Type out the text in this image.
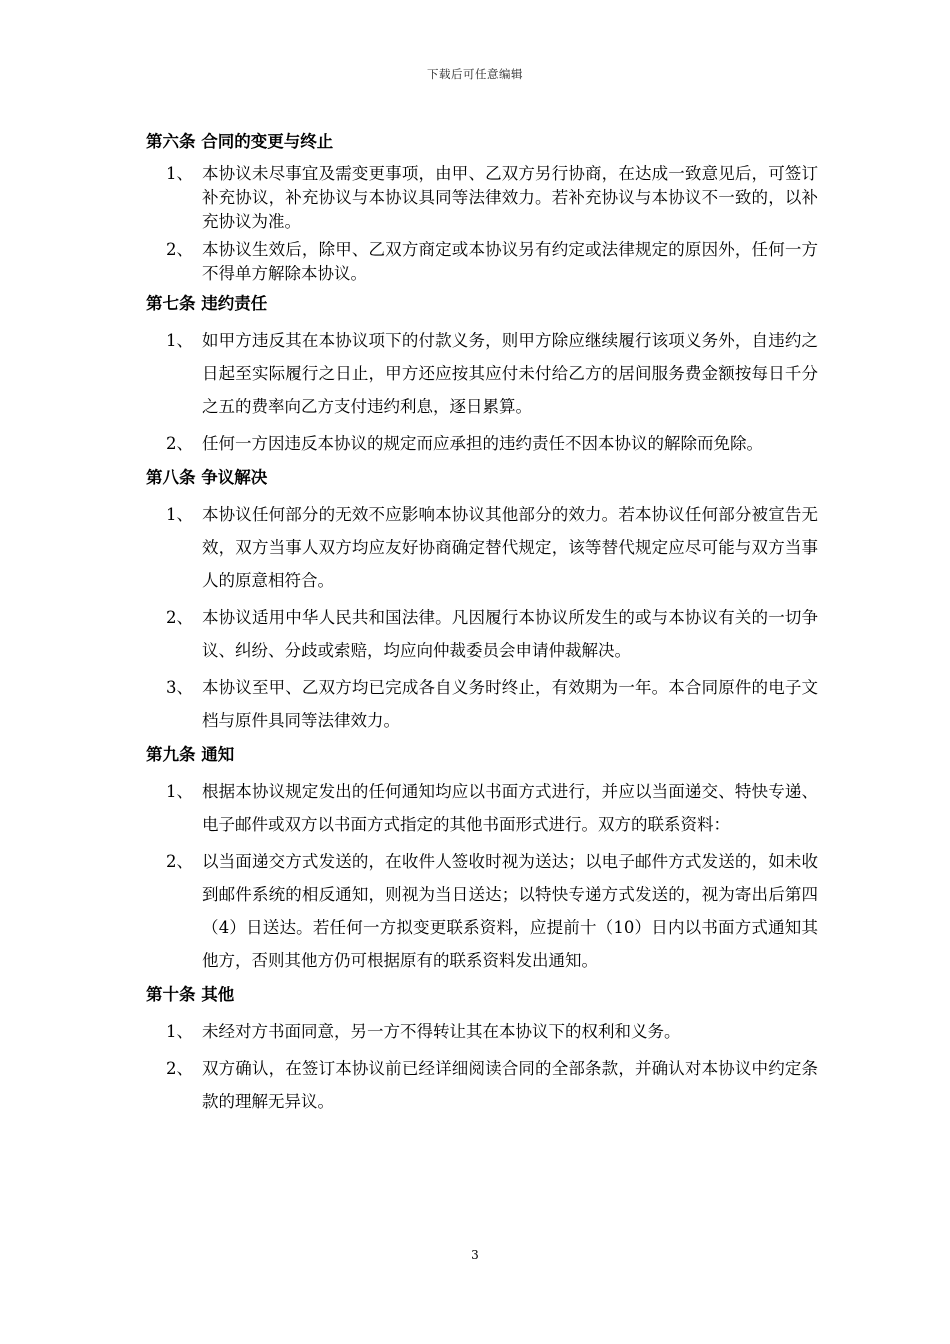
下载后可任意编辑
第六条 合同的变更与终止
1、 本协议未尽事宜及需变更事项，由甲、乙双方另行协商，在达成一致意见后，可签订补充协议，补充协议与本协议具同等法律效力。若补充协议与本协议不一致的，以补充协议为准。
2、 本协议生效后，除甲、乙双方商定或本协议另有约定或法律规定的原因外，任何一方不得单方解除本协议。
第七条 违约责任
1、 如甲方违反其在本协议项下的付款义务，则甲方除应继续履行该项义务外，自违约之日起至实际履行之日止，甲方还应按其应付未付给乙方的居间服务费金额按每日千分之五的费率向乙方支付违约利息，逐日累算。
2、 任何一方因违反本协议的规定而应承担的违约责任不因本协议的解除而免除。
第八条 争议解决
1、 本协议任何部分的无效不应影响本协议其他部分的效力。若本协议任何部分被宣告无效，双方当事人双方均应友好协商确定替代规定，该等替代规定应尽可能与双方当事人的原意相符合。
2、 本协议适用中华人民共和国法律。凡因履行本协议所发生的或与本协议有关的一切争议、纠纷、分歧或索赔，均应向仲裁委员会申请仲裁解决。
3、 本协议至甲、乙双方均已完成各自义务时终止，有效期为一年。本合同原件的电子文档与原件具同等法律效力。
第九条 通知
1、 根据本协议规定发出的任何通知均应以书面方式进行，并应以当面递交、特快专递、电子邮件或双方以书面方式指定的其他书面形式进行。双方的联系资料：
2、 以当面递交方式发送的，在收件人签收时视为送达；以电子邮件方式发送的，如未收到邮件系统的相反通知，则视为当日送达；以特快专递方式发送的，视为寄出后第四（4）日送达。若任何一方拟变更联系资料，应提前十（10）日内以书面方式通知其他方，否则其他方仍可根据原有的联系资料发出通知。
第十条 其他
1、 未经对方书面同意，另一方不得转让其在本协议下的权利和义务。
2、 双方确认，在签订本协议前已经详细阅读合同的全部条款，并确认对本协议中约定条款的理解无异议。
3
